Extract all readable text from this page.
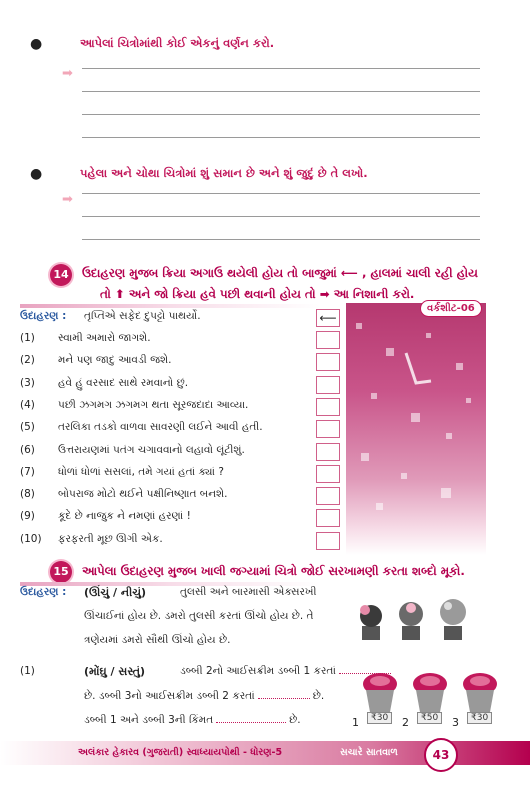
●	આપેલાં ચિત્રોમાંથી કોઈ એકનું વર્ણન કરો.
➡
●	પહેલા અને ચોથા ચિત્રોમાં શું સમાન છે અને શું જુદું છે તે લખો.
➡
14 ઉદાહરણ મુજબ ક્રિયા અગાઉ થયેલી હોય તો બાજુમાં ⟵ , હાલમાં ચાલી રહી હોય
તો ⬆ અને જો ક્રિયા હવે પછી થવાની હોય તો ➡ આ નિશાની કરો.
ઉદાહરણ : તૃપ્તિએ સફેદ દુપટ્ટો પાથર્યો.	⟵
(1) સ્વામી અમારો જાગશે.
(2) મને પણ જાદુ આવડી જશે.
(3) હવે હું વરસાદ સાથે રમવાનો છું.
(4) પછી ઝગમગ ઝગમગ થતા સૂરજદાદા આવ્યા.
(5) તરલિકા તડકો વાળવા સાવરણી લઈને આવી હતી.
(6) ઉત્તરાયણમાં પતંગ ચગાવવાનો લહાવો લૂંટીશું.
(7) ધોળાં ધોળાં સસલાં, તમે ગયાં હતાં ક્યાં ?
(8) બોપરાજ મોટો થઈને પક્ષીનિષ્ણાત બનશે.
(9) કૂદે છે નાજુક ને નમણાં હરણાં !
(10) ફરફરતી મૂછ ઊગી એક.
વર્કશીટ-06
15 આપેલા ઉદાહરણ મુજબ ખાલી જગ્યામાં ચિત્રો જોઈ સરખામણી કરતા શબ્દો મૂકો.
ઉદાહરણ : (ઊંચું / નીચું)	તુલસી અને બારમાસી એક્સરખી
ઊંચાઈનાં હોય છે. ડમરો તુલસી કરતાં ઊંચો હોય છે. તે
ત્રણેયમાં ડમરો સૌથી ઊંચો હોય છે.
(1)	(મોંઘુ / સસ્તું)	ડબ્બી 2નો આઈસક્રીમ ડબ્બી 1 કરતાં
છે. ડબ્બી 3નો આઈસક્રીમ ડબ્બી 2 કરતાં	છે.
ડબ્બી 1 અને ડબ્બી 3ની કિંમત	છે.	1	₹30	2	₹50	3	₹30
અલંકાર હેકારવ (ગુજરાતી) સ્વાધ્યાયપોથી - ધોરણ-5	સચારે સાતવાળ	43
